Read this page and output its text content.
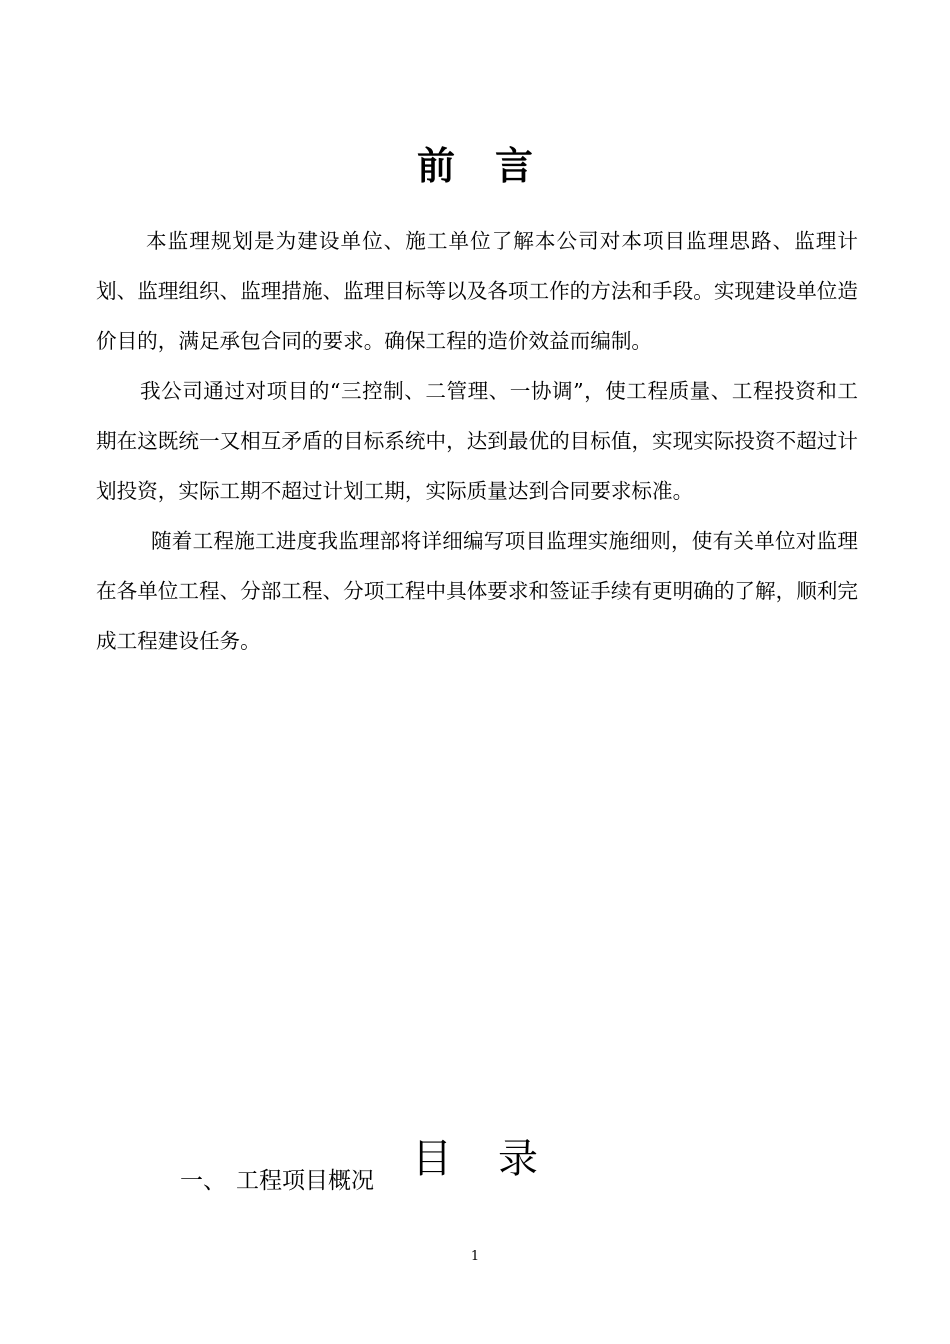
前言

本监理规划是为建设单位、施工单位了解本公司对本项目监理思路、监理计划、监理组织、监理措施、监理目标等以及各项工作的方法和手段。实现建设单位造价目的，满足承包合同的要求。确保工程的造价效益而编制。

我公司通过对项目的“三控制、二管理、一协调”，使工程质量、工程投资和工期在这既统一又相互矛盾的目标系统中，达到最优的目标值，实现实际投资不超过计划投资，实际工期不超过计划工期，实际质量达到合同要求标准。

随着工程施工进度我监理部将详细编写项目监理实施细则，使有关单位对监理在各单位工程、分部工程、分项工程中具体要求和签证手续有更明确的了解，顺利完成工程建设任务。

目录
一、 工程项目概况
1
